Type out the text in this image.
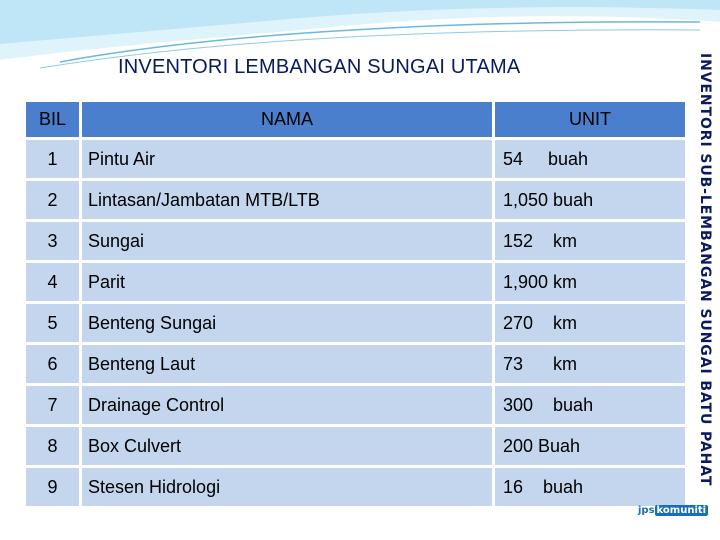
INVENTORI LEMBANGAN SUNGAI UTAMA	INVENTORI SUB-LEMBANGAN SUNGAI BATU PAHAT
BIL	NAMA	UNIT
1	Pintu Air	54     buah
2	Lintasan/Jambatan MTB/LTB	1,050 buah
3	Sungai	152    km
4	Parit	1,900 km
5	Benteng Sungai	270    km
6	Benteng Laut	73      km
7	Drainage Control	300    buah
8	Box Culvert	200 Buah
9	Stesen Hidrologi	16    buah
jps komuniti
